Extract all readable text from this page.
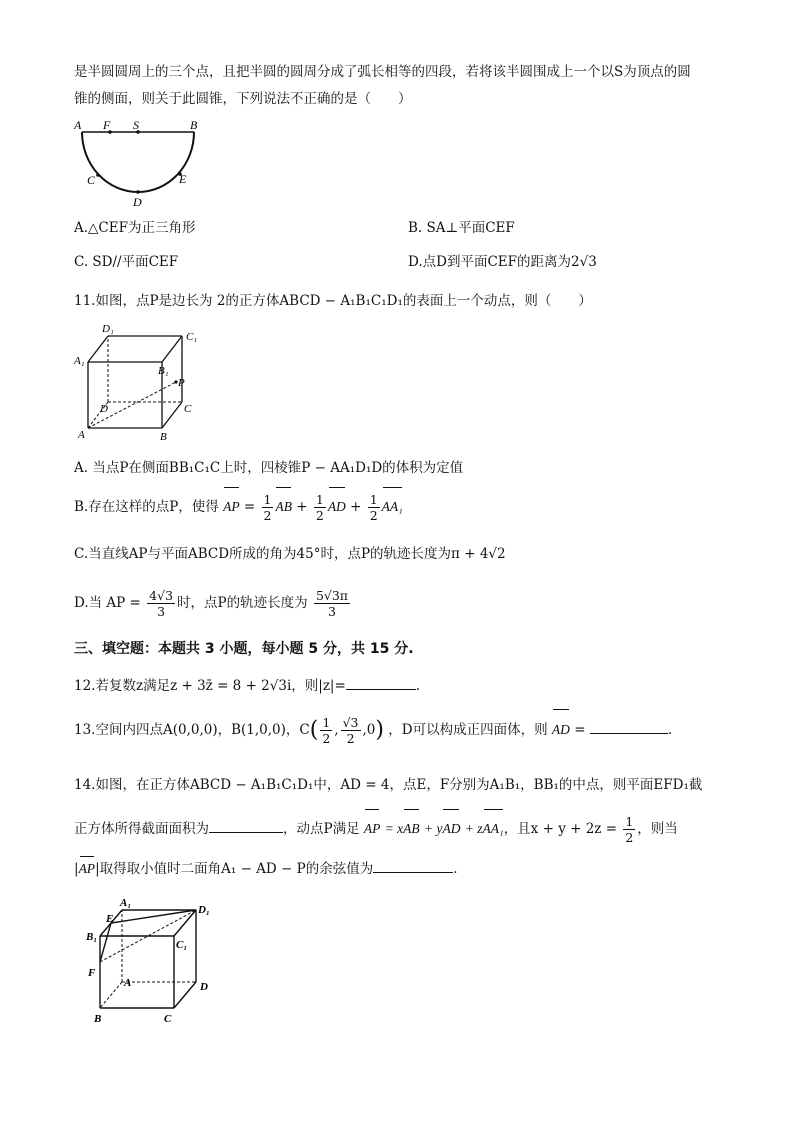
是半圆圆周上的三个点，且把半圆的圆周分成了弧长相等的四段，若将该半圆围成上一个以S为顶点的圆
锥的侧面，则关于此圆锥，下列说法不正确的是（　　）
A F S	B
C
D
E
A.△CEF为正三角形	B. SA⊥平面CEF
C. SD//平面CEF	D.点D到平面CEF的距离为2√3
11.如图，点P是边长为 2的正方体ABCD − A₁B₁C₁D₁的表面上一个动点，则（　　）
D₁
A₁
B₁
C₁
D
A	B
C
P
A. 当点P在侧面BB₁C₁C上时，四棱锥P − AA₁D₁D的体积为定值
B.存在这样的点P，使得 AP = $\frac{1}{2}$ AB + $\frac{1}{2}$ AD + $\frac{1}{2} AA_1$
C.当直线AP与平面ABCD所成的角为45°时，点P的轨迹长度为π + 4√2
D.当 AP = $\frac{4√3}{3}$ 时，点P的轨迹长度为 $\frac{5√3\pi}{3}$
三、填空题：本题共 3 小题，每小题 5 分，共 15 分.
12.若复数z满足z + 3z̄ = 8 + 2√3i，则|z|=	.
13.空间内四点A(0,0,0)，B(1,0,0)，$C( \frac{1}{2}$ , $\frac{√3}{2} ,0$) ，D可以构成正四面体，则 AD =	.
14.如图，在正方体ABCD − A₁B₁C₁D₁中，AD = 4，点E，F分别为A₁B₁，BB₁的中点，则平面EFD₁截
正方体所得截面面积为	，动点P满足 AP = xAB + yAD + zAA₁，且$x + y + 2z = \frac{1}{2}$ ，则当
|AP|取得取小值时二面角A₁ − AD − P的余弦值为	.
A₁
D₁
E
B₁
C₁
F
A	D
B	C
